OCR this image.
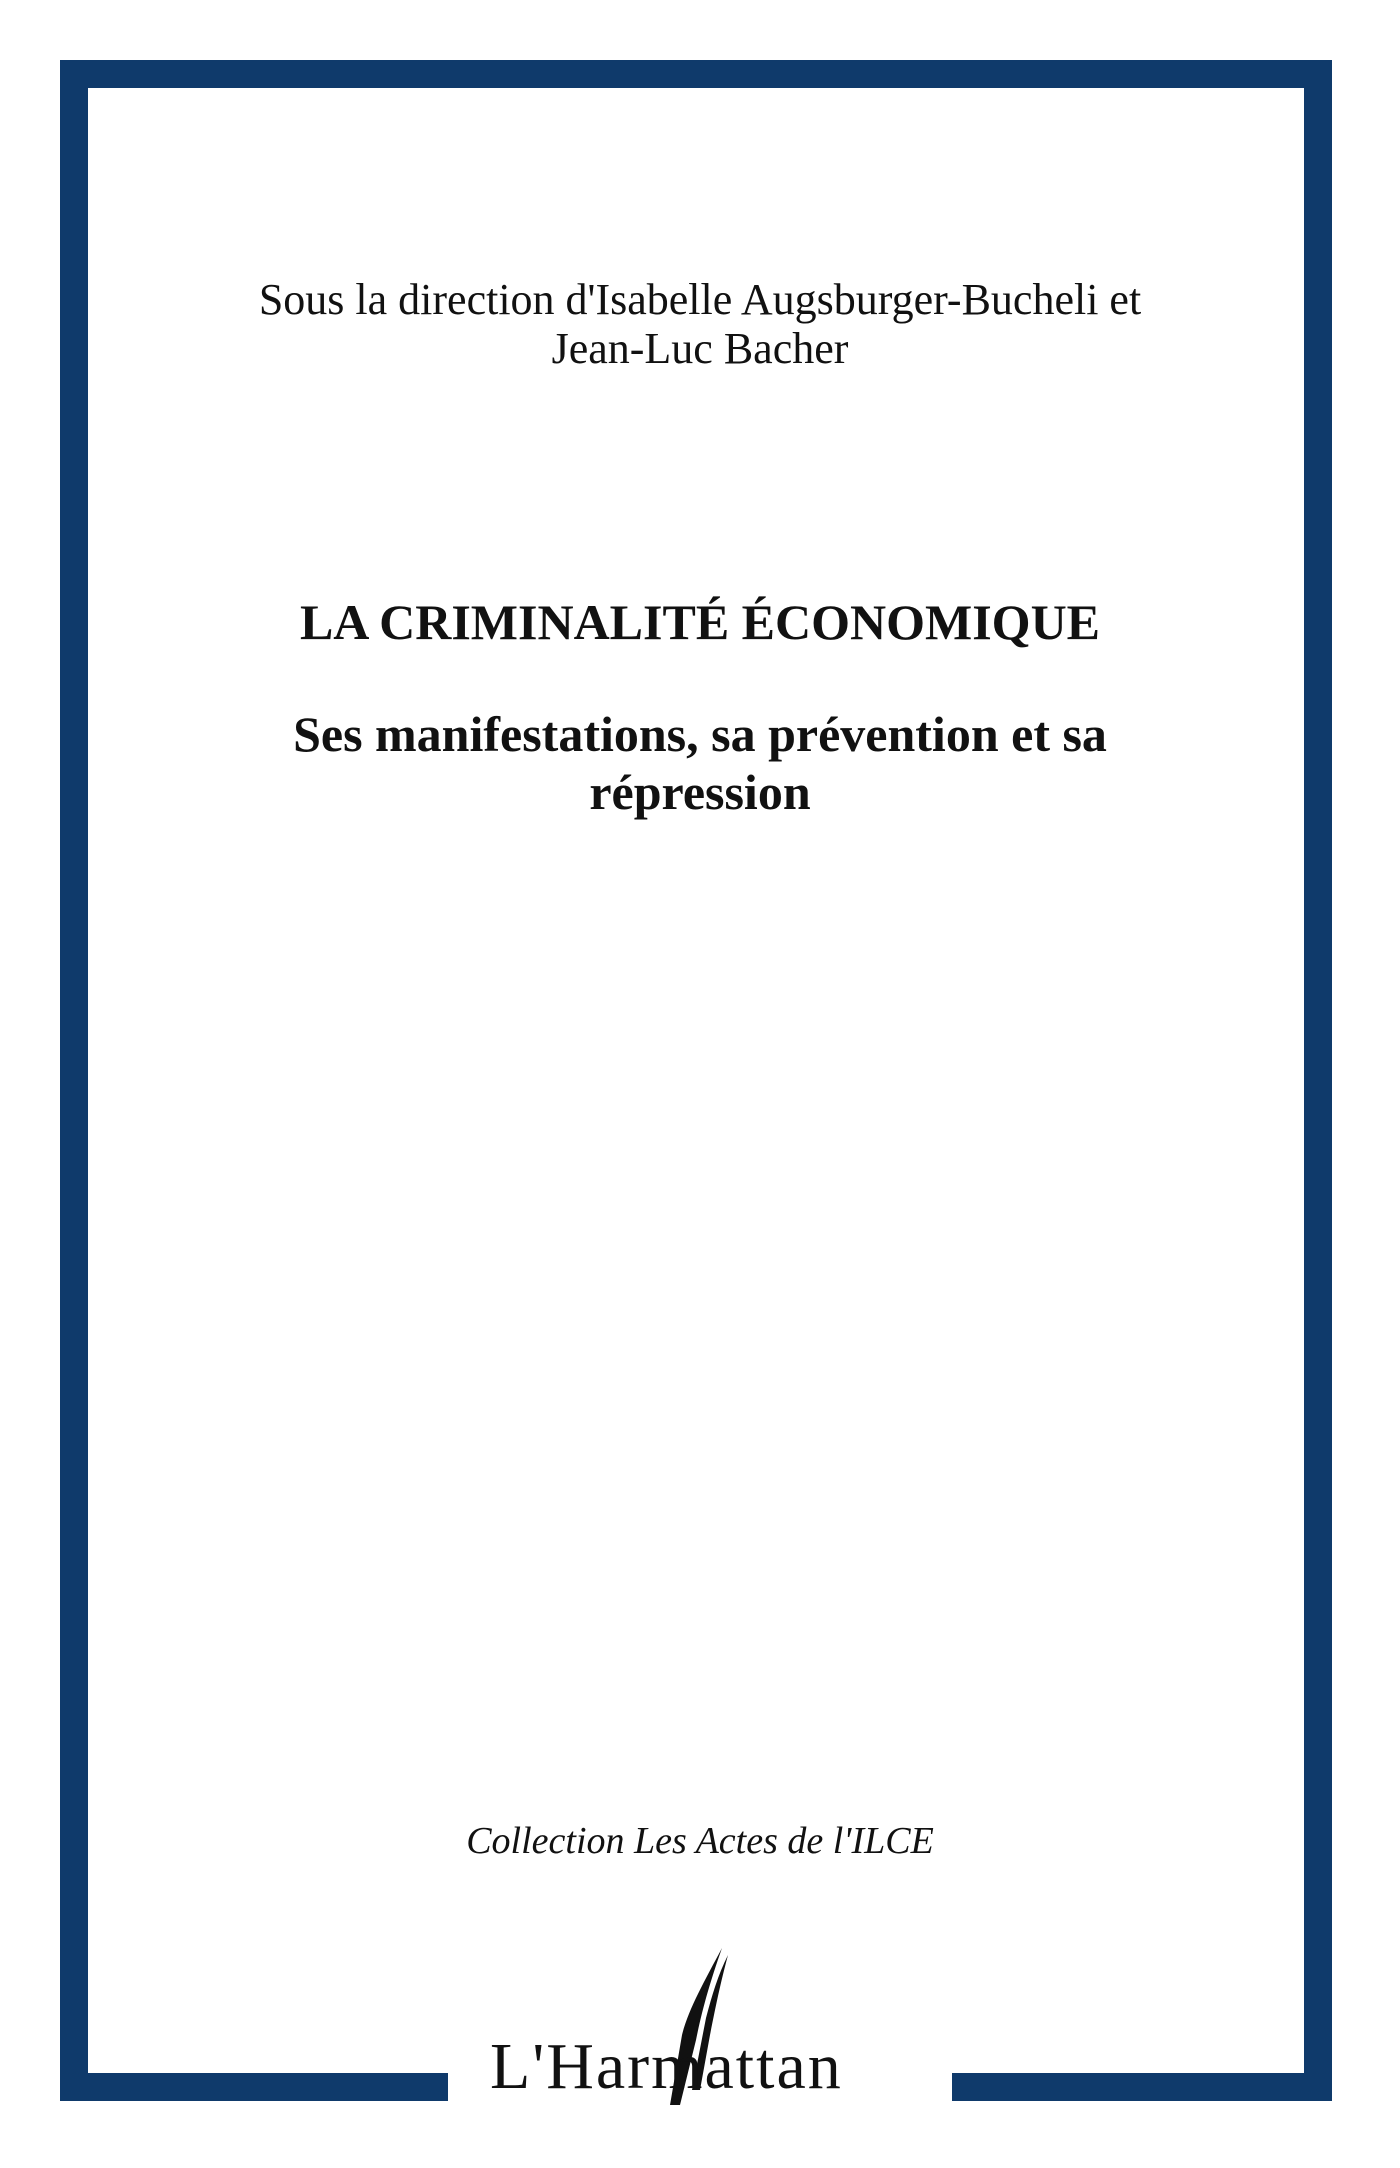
Sous la direction d'Isabelle Augsburger-Bucheli et
Jean-Luc Bacher
LA CRIMINALITÉ ÉCONOMIQUE
Ses manifestations, sa prévention et sa
répression
Collection Les Actes de l'ILCE
L'Harmattan
